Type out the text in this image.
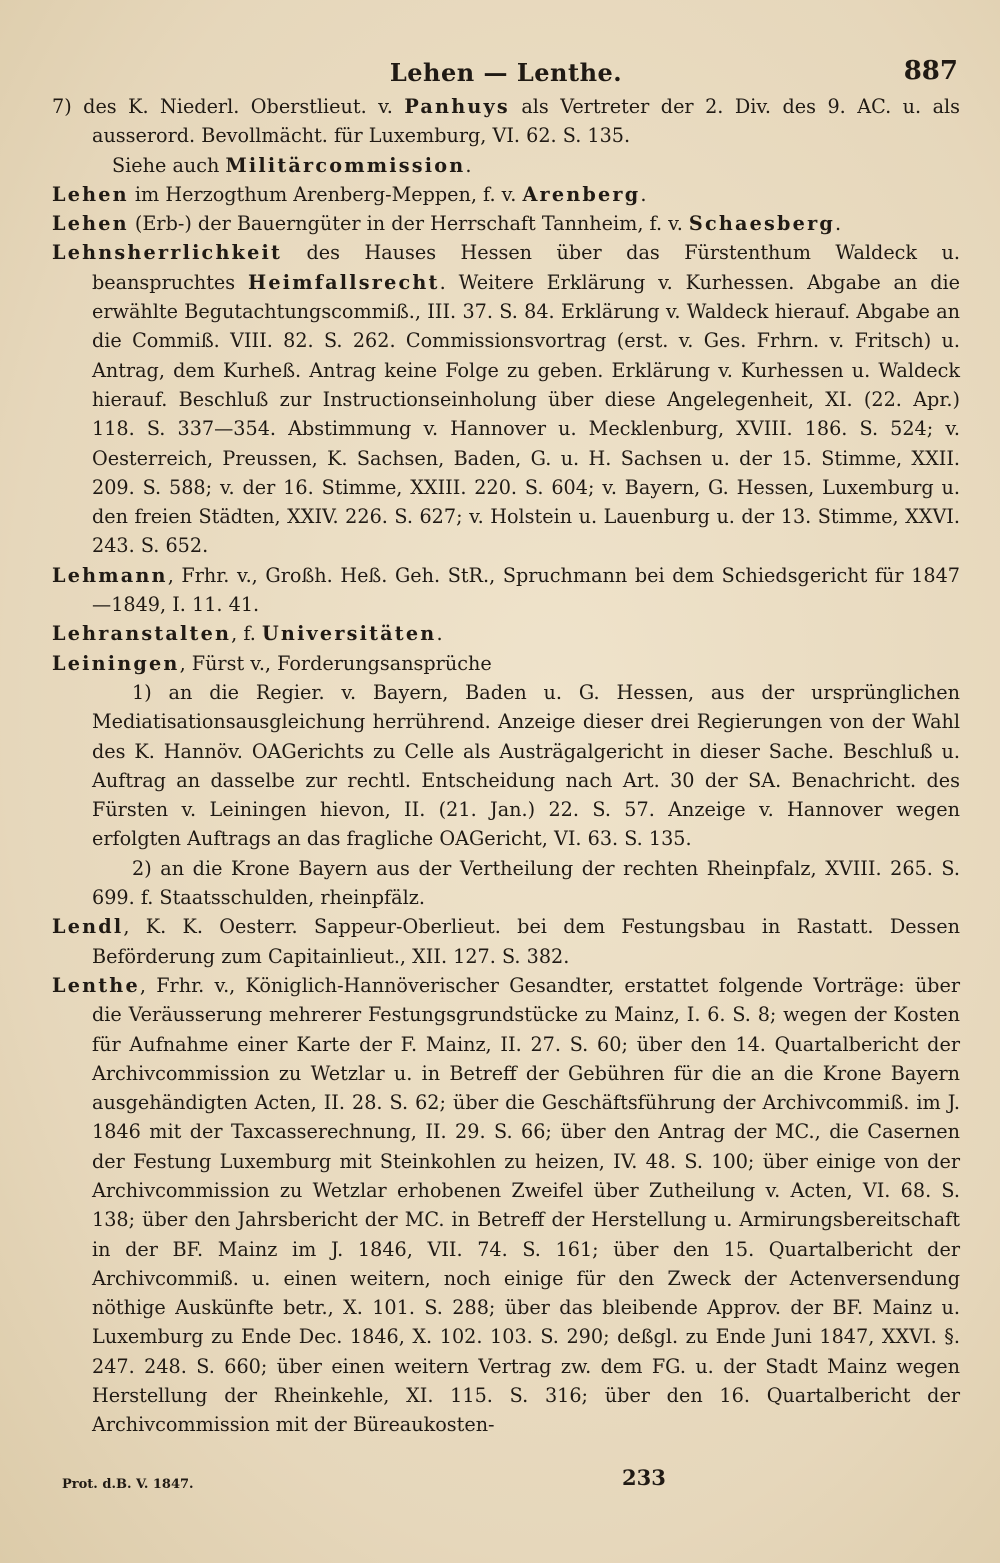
Lehen — Lenthe.	887

7) des K. Niederl. Oberstlieut. v. Panhuys als Vertreter der 2. Div. des 9. AC. u. als ausserord. Bevollmächt. für Luxemburg, VI. 62. S. 135.

Siehe auch Militärcommission.

Lehen im Herzogthum Arenberg-Meppen, f. v. Arenberg.

Lehen (Erb-) der Bauerngüter in der Herrschaft Tannheim, f. v. Schaesberg.

Lehnsherrlichkeit des Hauses Hessen über das Fürstenthum Waldeck u. beanspruchtes Heimfallsrecht. Weitere Erklärung v. Kurhessen. Abgabe an die erwählte Begutachtungscommiß., III. 37. S. 84. Erklärung v. Waldeck hierauf. Abgabe an die Commiß. VIII. 82. S. 262. Commissionsvortrag (erst. v. Ges. Frhrn. v. Fritsch) u. Antrag, dem Kurheß. Antrag keine Folge zu geben. Erklärung v. Kurhessen u. Waldeck hierauf. Beschluß zur Instructionseinholung über diese Angelegenheit, XI. (22. Apr.) 118. S. 337—354. Abstimmung v. Hannover u. Mecklenburg, XVIII. 186. S. 524; v. Oesterreich, Preussen, K. Sachsen, Baden, G. u. H. Sachsen u. der 15. Stimme, XXII. 209. S. 588; v. der 16. Stimme, XXIII. 220. S. 604; v. Bayern, G. Hessen, Luxemburg u. den freien Städten, XXIV. 226. S. 627; v. Holstein u. Lauenburg u. der 13. Stimme, XXVI. 243. S. 652.

Lehmann, Frhr. v., Großh. Heß. Geh. StR., Spruchmann bei dem Schiedsgericht für 1847—1849, I. 11. 41.

Lehranstalten, f. Universitäten.

Leiningen, Fürst v., Forderungsansprüche

1) an die Regier. v. Bayern, Baden u. G. Hessen, aus der ursprünglichen Mediatisationsausgleichung herrührend. Anzeige dieser drei Regierungen von der Wahl des K. Hannöv. OAGerichts zu Celle als Austrägalgericht in dieser Sache. Beschluß u. Auftrag an dasselbe zur rechtl. Entscheidung nach Art. 30 der SA. Benachricht. des Fürsten v. Leiningen hievon, II. (21. Jan.) 22. S. 57. Anzeige v. Hannover wegen erfolgten Auftrags an das fragliche OAGericht, VI. 63. S. 135.

2) an die Krone Bayern aus der Vertheilung der rechten Rheinpfalz, XVIII. 265. S. 699. f. Staatsschulden, rheinpfälz.

Lendl, K. K. Oesterr. Sappeur-Oberlieut. bei dem Festungsbau in Rastatt. Dessen Beförderung zum Capitainlieut., XII. 127. S. 382.

Lenthe, Frhr. v., Königlich-Hannöverischer Gesandter, erstattet folgende Vorträge: über die Veräusserung mehrerer Festungsgrundstücke zu Mainz, I. 6. S. 8; wegen der Kosten für Aufnahme einer Karte der F. Mainz, II. 27. S. 60; über den 14. Quartalbericht der Archivcommission zu Wetzlar u. in Betreff der Gebühren für die an die Krone Bayern ausgehändigten Acten, II. 28. S. 62; über die Geschäftsführung der Archivcommiß. im J. 1846 mit der Taxcasserechnung, II. 29. S. 66; über den Antrag der MC., die Casernen der Festung Luxemburg mit Steinkohlen zu heizen, IV. 48. S. 100; über einige von der Archivcommission zu Wetzlar erhobenen Zweifel über Zutheilung v. Acten, VI. 68. S. 138; über den Jahrsbericht der MC. in Betreff der Herstellung u. Armirungsbereitschaft in der BF. Mainz im J. 1846, VII. 74. S. 161; über den 15. Quartalbericht der Archivcommiß. u. einen weitern, noch einige für den Zweck der Actenversendung nöthige Auskünfte betr., X. 101. S. 288; über das bleibende Approv. der BF. Mainz u. Luxemburg zu Ende Dec. 1846, X. 102. 103. S. 290; deßgl. zu Ende Juni 1847, XXVI. §. 247. 248. S. 660; über einen weitern Vertrag zw. dem FG. u. der Stadt Mainz wegen Herstellung der Rheinkehle, XI. 115. S. 316; über den 16. Quartalbericht der Archivcommission mit der Büreaukosten-

Prot. d.B. V. 1847.	233
